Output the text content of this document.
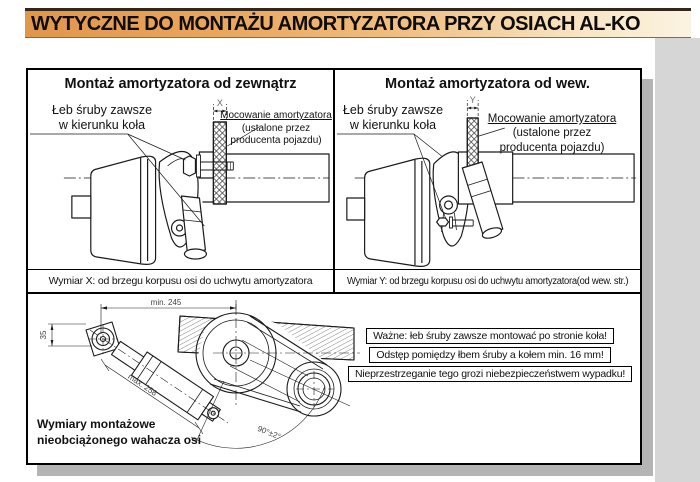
WYTYCZNE DO MONTAŻU AMORTYZATORA PRZY OSIACH AL-KO
Montaż amortyzatora od zewnątrz
X
Łeb śruby zawsze
w kierunku koła
Mocowanie amortyzatora
(ustalone przez
producenta pojazdu)
Wymiar X: od brzegu korpusu osi do uchwytu amortyzatora
Montaż amortyzatora od wew.
Y
Łeb śruby zawsze
w kierunku koła	Mocowanie amortyzatora
(ustalone przez
producenta pojazdu)
Wymiar Y: od brzegu korpusu osi do uchwytu amortyzatora(od wew. str.)
min. 245
35
max. 258
90°±2°
Wymiary montażowe
nieobciążonego wahacza osi
Ważne: łeb śruby zawsze montować po stronie koła!
Odstęp pomiędzy łbem śruby a kołem min. 16 mm!
Nieprzestrzeganie tego grozi niebezpieczeństwem wypadku!
